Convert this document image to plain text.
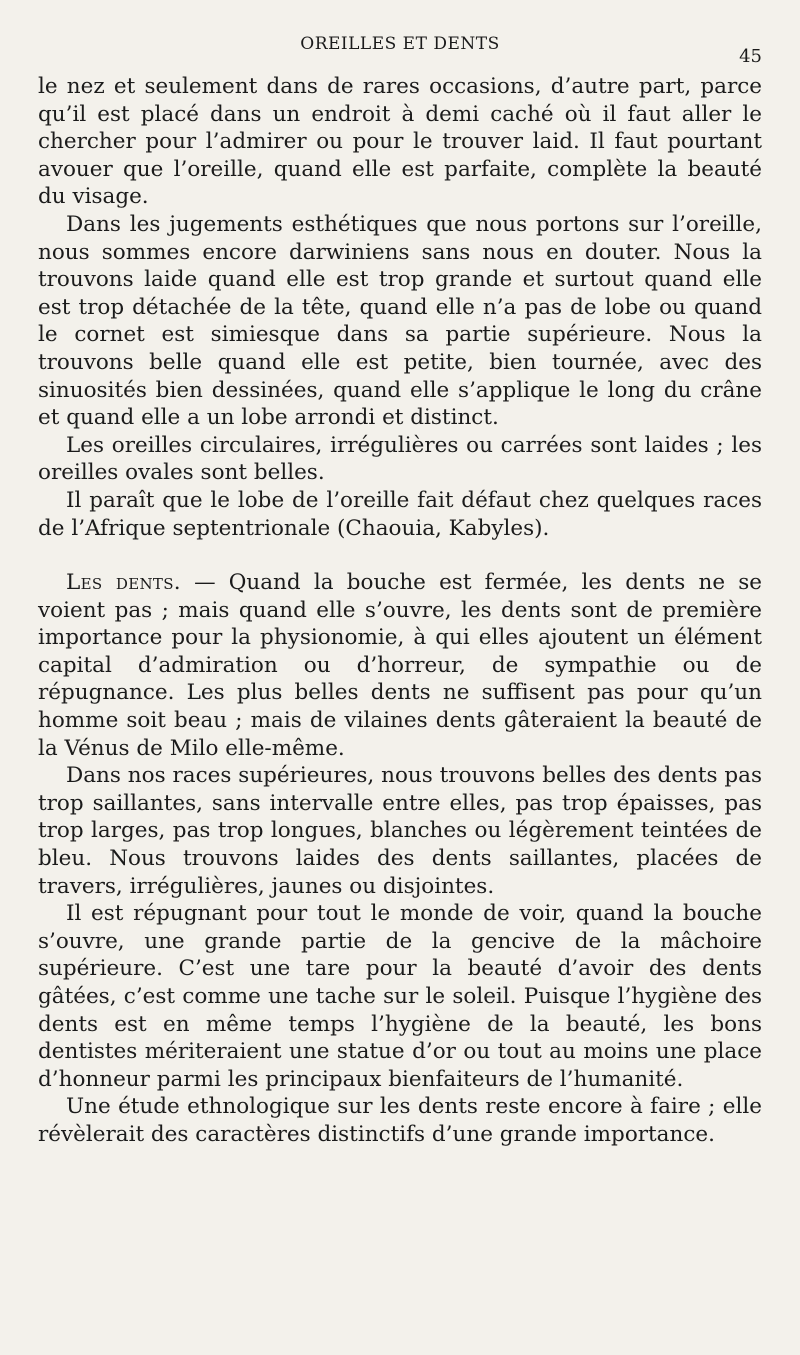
OREILLES ET DENTS
45

le nez et seulement dans de rares occasions, d’autre part, parce qu’il est placé dans un endroit à demi caché où il faut aller le chercher pour l’admirer ou pour le trouver laid. Il faut pourtant avouer que l’oreille, quand elle est parfaite, complète la beauté du visage.

Dans les jugements esthétiques que nous portons sur l’oreille, nous sommes encore darwiniens sans nous en douter. Nous la trouvons laide quand elle est trop grande et surtout quand elle est trop détachée de la tête, quand elle n’a pas de lobe ou quand le cornet est simiesque dans sa partie supérieure. Nous la trouvons belle quand elle est petite, bien tournée, avec des sinuosités bien dessinées, quand elle s’applique le long du crâne et quand elle a un lobe arrondi et distinct.

Les oreilles circulaires, irrégulières ou carrées sont laides ; les oreilles ovales sont belles.

Il paraît que le lobe de l’oreille fait défaut chez quelques races de l’Afrique septentrionale (Chaouia, Kabyles).

Les dents. — Quand la bouche est fermée, les dents ne se voient pas ; mais quand elle s’ouvre, les dents sont de première importance pour la physionomie, à qui elles ajoutent un élément capital d’admiration ou d’horreur, de sympathie ou de répugnance. Les plus belles dents ne suffisent pas pour qu’un homme soit beau ; mais de vilaines dents gâteraient la beauté de la Vénus de Milo elle-même.

Dans nos races supérieures, nous trouvons belles des dents pas trop saillantes, sans intervalle entre elles, pas trop épaisses, pas trop larges, pas trop longues, blanches ou légèrement teintées de bleu. Nous trouvons laides des dents saillantes, placées de travers, irrégulières, jaunes ou disjointes.

Il est répugnant pour tout le monde de voir, quand la bouche s’ouvre, une grande partie de la gencive de la mâchoire supérieure. C’est une tare pour la beauté d’avoir des dents gâtées, c’est comme une tache sur le soleil. Puisque l’hygiène des dents est en même temps l’hygiène de la beauté, les bons dentistes mériteraient une statue d’or ou tout au moins une place d’honneur parmi les principaux bienfaiteurs de l’humanité.

Une étude ethnologique sur les dents reste encore à faire ; elle révèlerait des caractères distinctifs d’une grande importance.
